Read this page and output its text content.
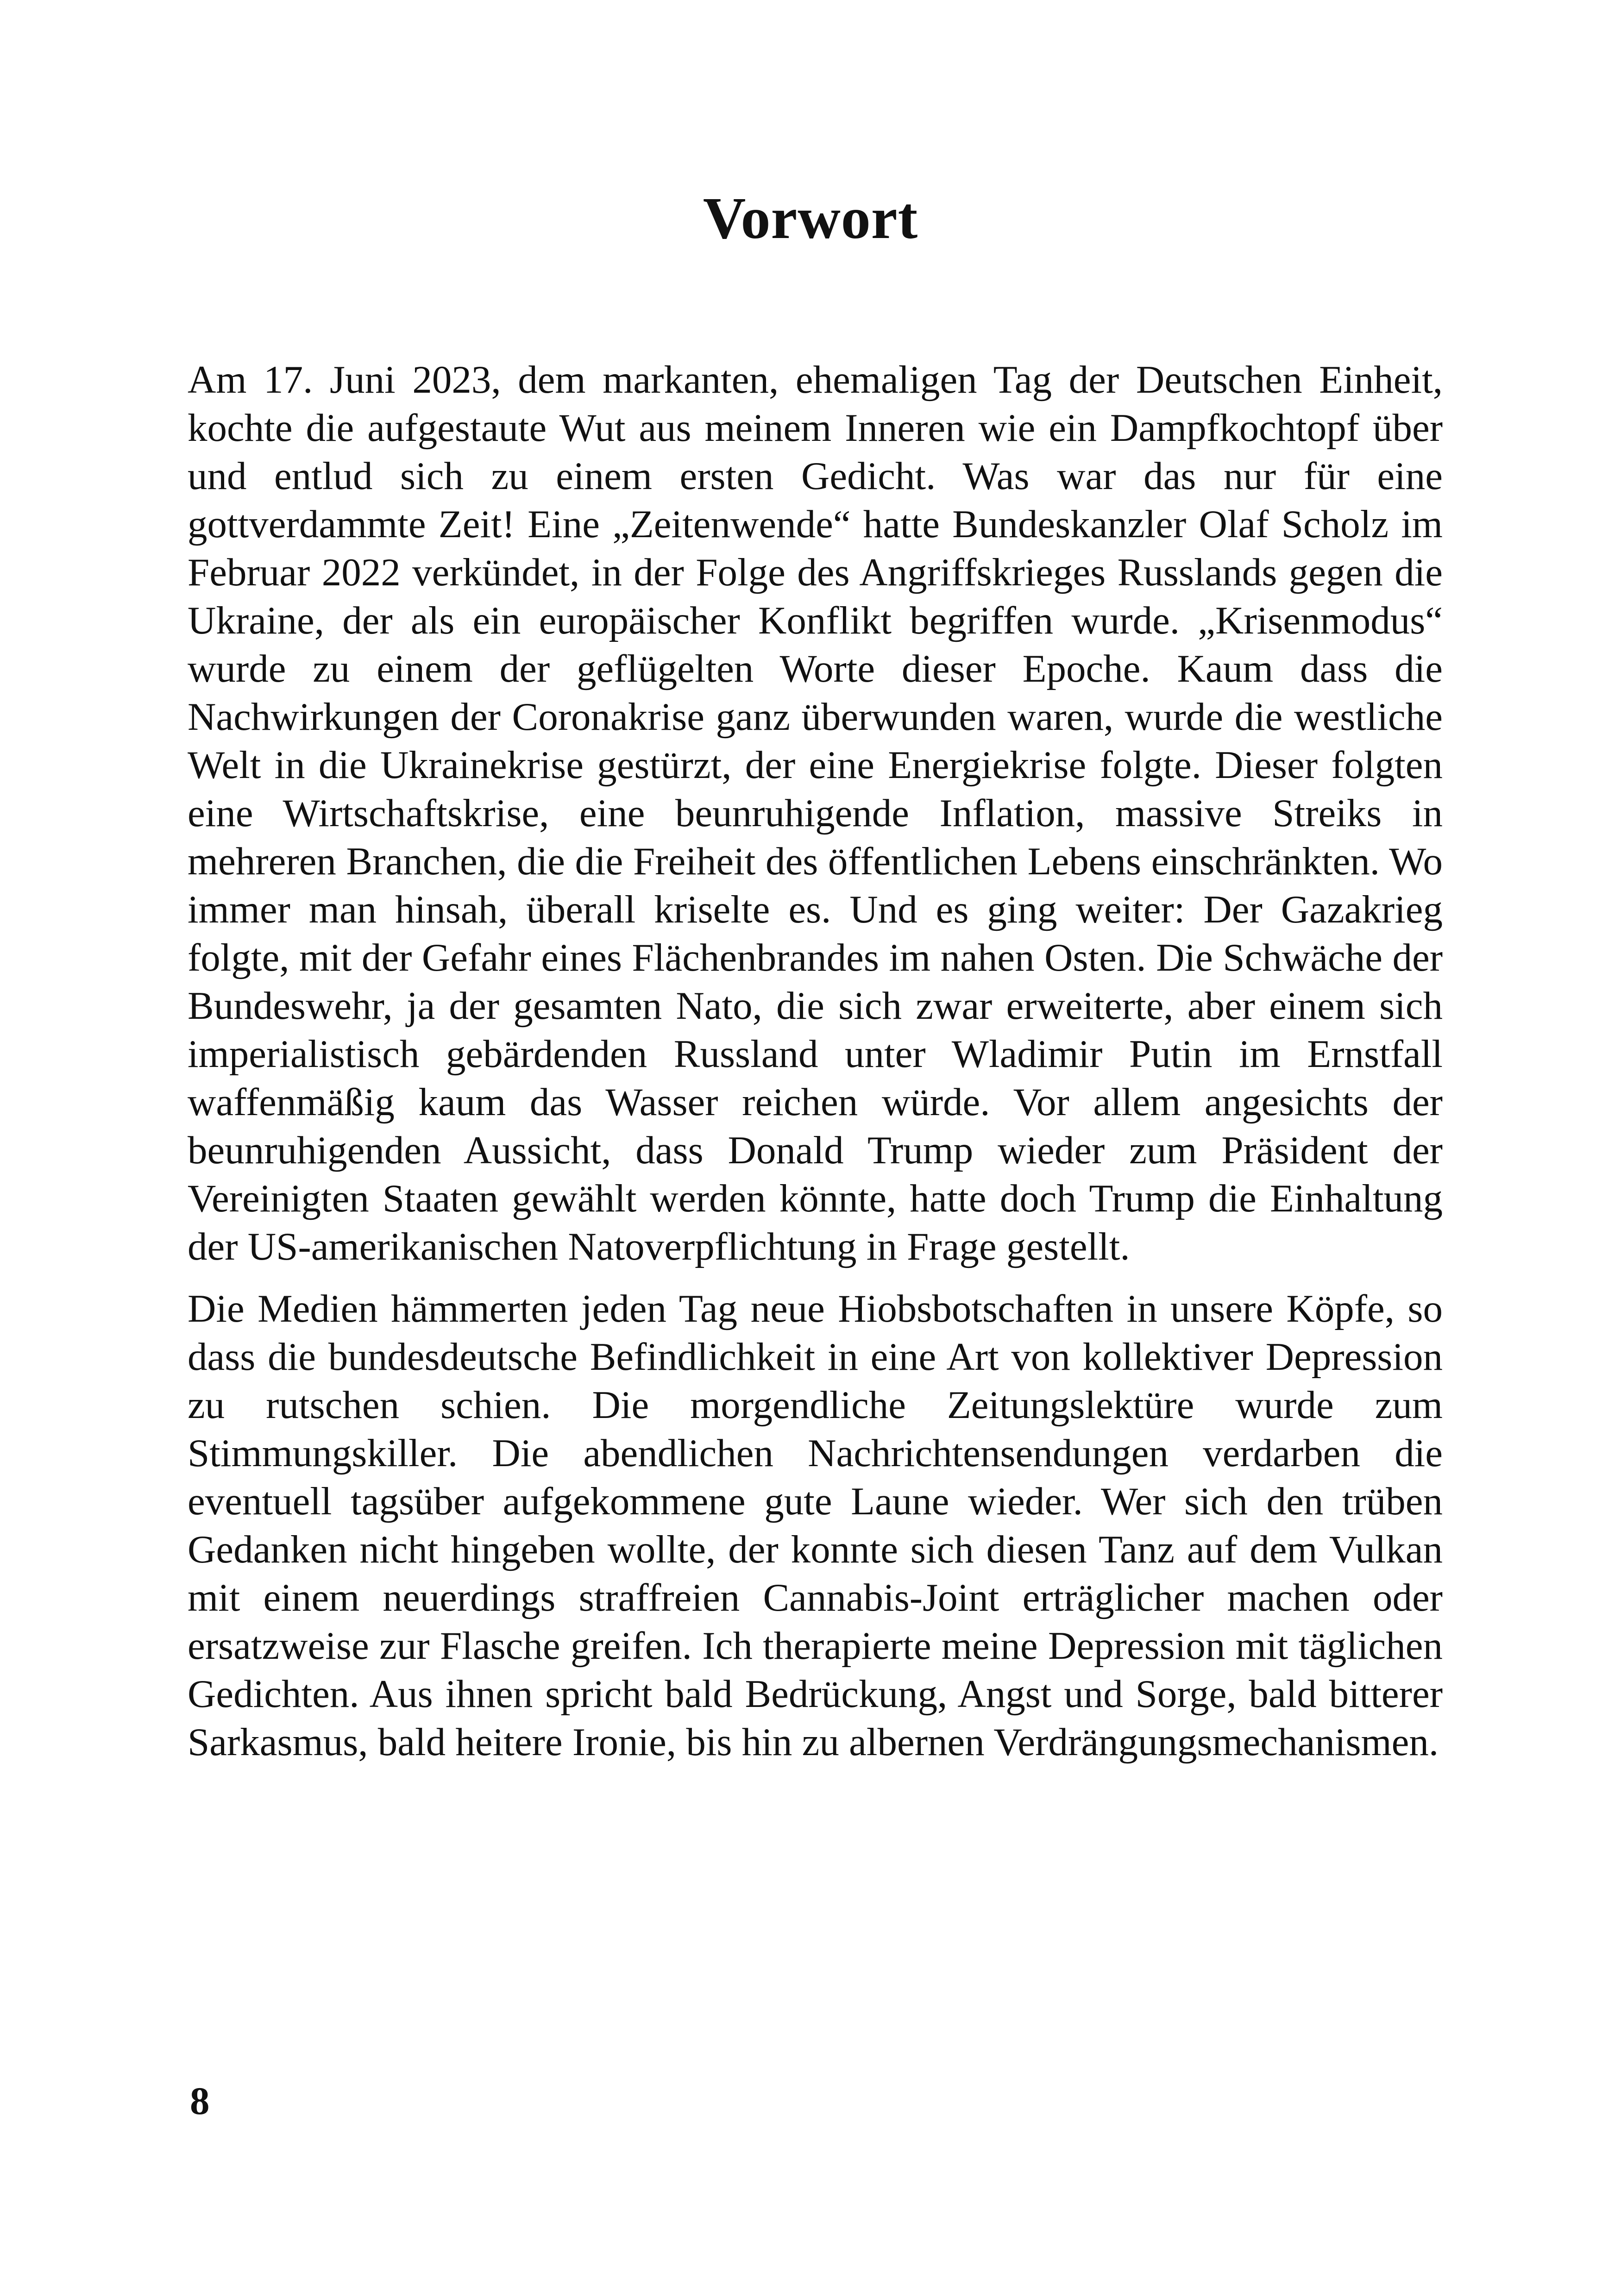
Vorwort

Am 17. Juni 2023, dem markanten, ehemaligen Tag der Deutschen Einheit, kochte die aufgestaute Wut aus meinem Inneren wie ein Dampfkochtopf über und entlud sich zu einem ersten Gedicht. Was war das nur für eine gottverdammte Zeit! Eine „Zeitenwende“ hatte Bundeskanzler Olaf Scholz im Februar 2022 verkündet, in der Folge des Angriffskrieges Russlands gegen die Ukraine, der als ein europäischer Konflikt begriffen wurde. „Krisenmodus“ wurde zu einem der geflügelten Worte dieser Epoche. Kaum dass die Nachwirkungen der Coronakrise ganz überwunden waren, wurde die westliche Welt in die Ukrainekrise gestürzt, der eine Energiekrise folgte. Dieser folgten eine Wirtschaftskrise, eine beunruhigende Inflation, massive Streiks in mehreren Branchen, die die Freiheit des öffentlichen Lebens einschränkten. Wo immer man hinsah, überall kriselte es. Und es ging weiter: Der Gazakrieg folgte, mit der Gefahr eines Flächenbrandes im nahen Osten. Die Schwäche der Bundeswehr, ja der gesamten Nato, die sich zwar erweiterte, aber einem sich imperialistisch gebärdenden Russland unter Wladimir Putin im Ernstfall waffenmäßig kaum das Wasser reichen würde. Vor allem angesichts der beunruhigenden Aussicht, dass Donald Trump wieder zum Präsident der Vereinigten Staaten gewählt werden könnte, hatte doch Trump die Einhaltung der US-amerikanischen Natoverpflichtung in Frage gestellt.

Die Medien hämmerten jeden Tag neue Hiobsbotschaften in unsere Köpfe, so dass die bundesdeutsche Befindlichkeit in eine Art von kollektiver Depression zu rutschen schien. Die morgendliche Zeitungslektüre wurde zum Stimmungskiller. Die abendlichen Nachrichtensendungen verdarben die eventuell tagsüber aufgekommene gute Laune wieder. Wer sich den trüben Gedanken nicht hingeben wollte, der konnte sich diesen Tanz auf dem Vulkan mit einem neuerdings straffreien Cannabis-Joint erträglicher machen oder ersatzweise zur Flasche greifen. Ich therapierte meine Depression mit täglichen Gedichten. Aus ihnen spricht bald Bedrückung, Angst und Sorge, bald bitterer Sarkasmus, bald heitere Ironie, bis hin zu albernen Verdrängungsmechanismen.

8
